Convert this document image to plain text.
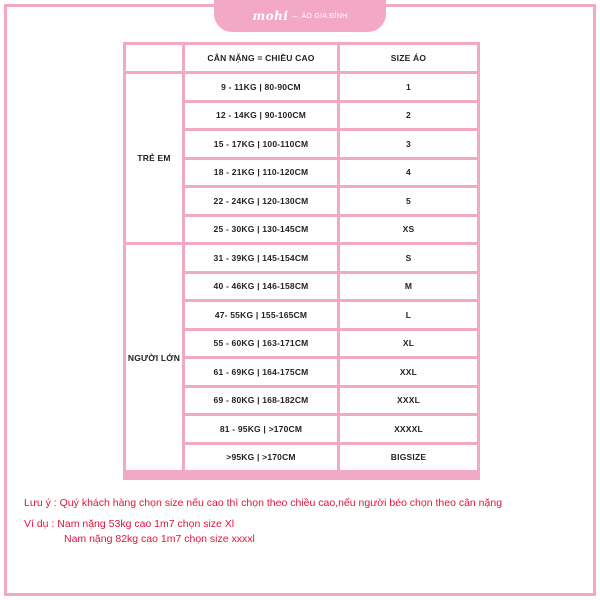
mohi – ÁO GIA ĐÌNH
CÂN NẶNG = CHIỀU CAO	SIZE ÁO
TRẺ EM
9 - 11KG | 80-90CM	1
12 - 14KG | 90-100CM	2
15 - 17KG | 100-110CM	3
18 - 21KG | 110-120CM	4
22 - 24KG | 120-130CM	5
25 - 30KG | 130-145CM	XS
NGƯỜI LỚN
31 - 39KG | 145-154CM	S
40 - 46KG | 146-158CM	M
47- 55KG | 155-165CM	L
55 - 60KG | 163-171CM	XL
61 - 69KG | 164-175CM	XXL
69 - 80KG | 168-182CM	XXXL
81 - 95KG | >170CM	XXXXL
>95KG | >170CM	BIGSIZE
Lưu ý : Quý khách hàng chọn size nếu cao thì chọn theo chiều cao,nếu người béo chọn theo cân nặng
Ví dụ : Nam nặng 53kg cao 1m7 chọn size Xl
Nam nặng 82kg cao 1m7 chọn size xxxxl
